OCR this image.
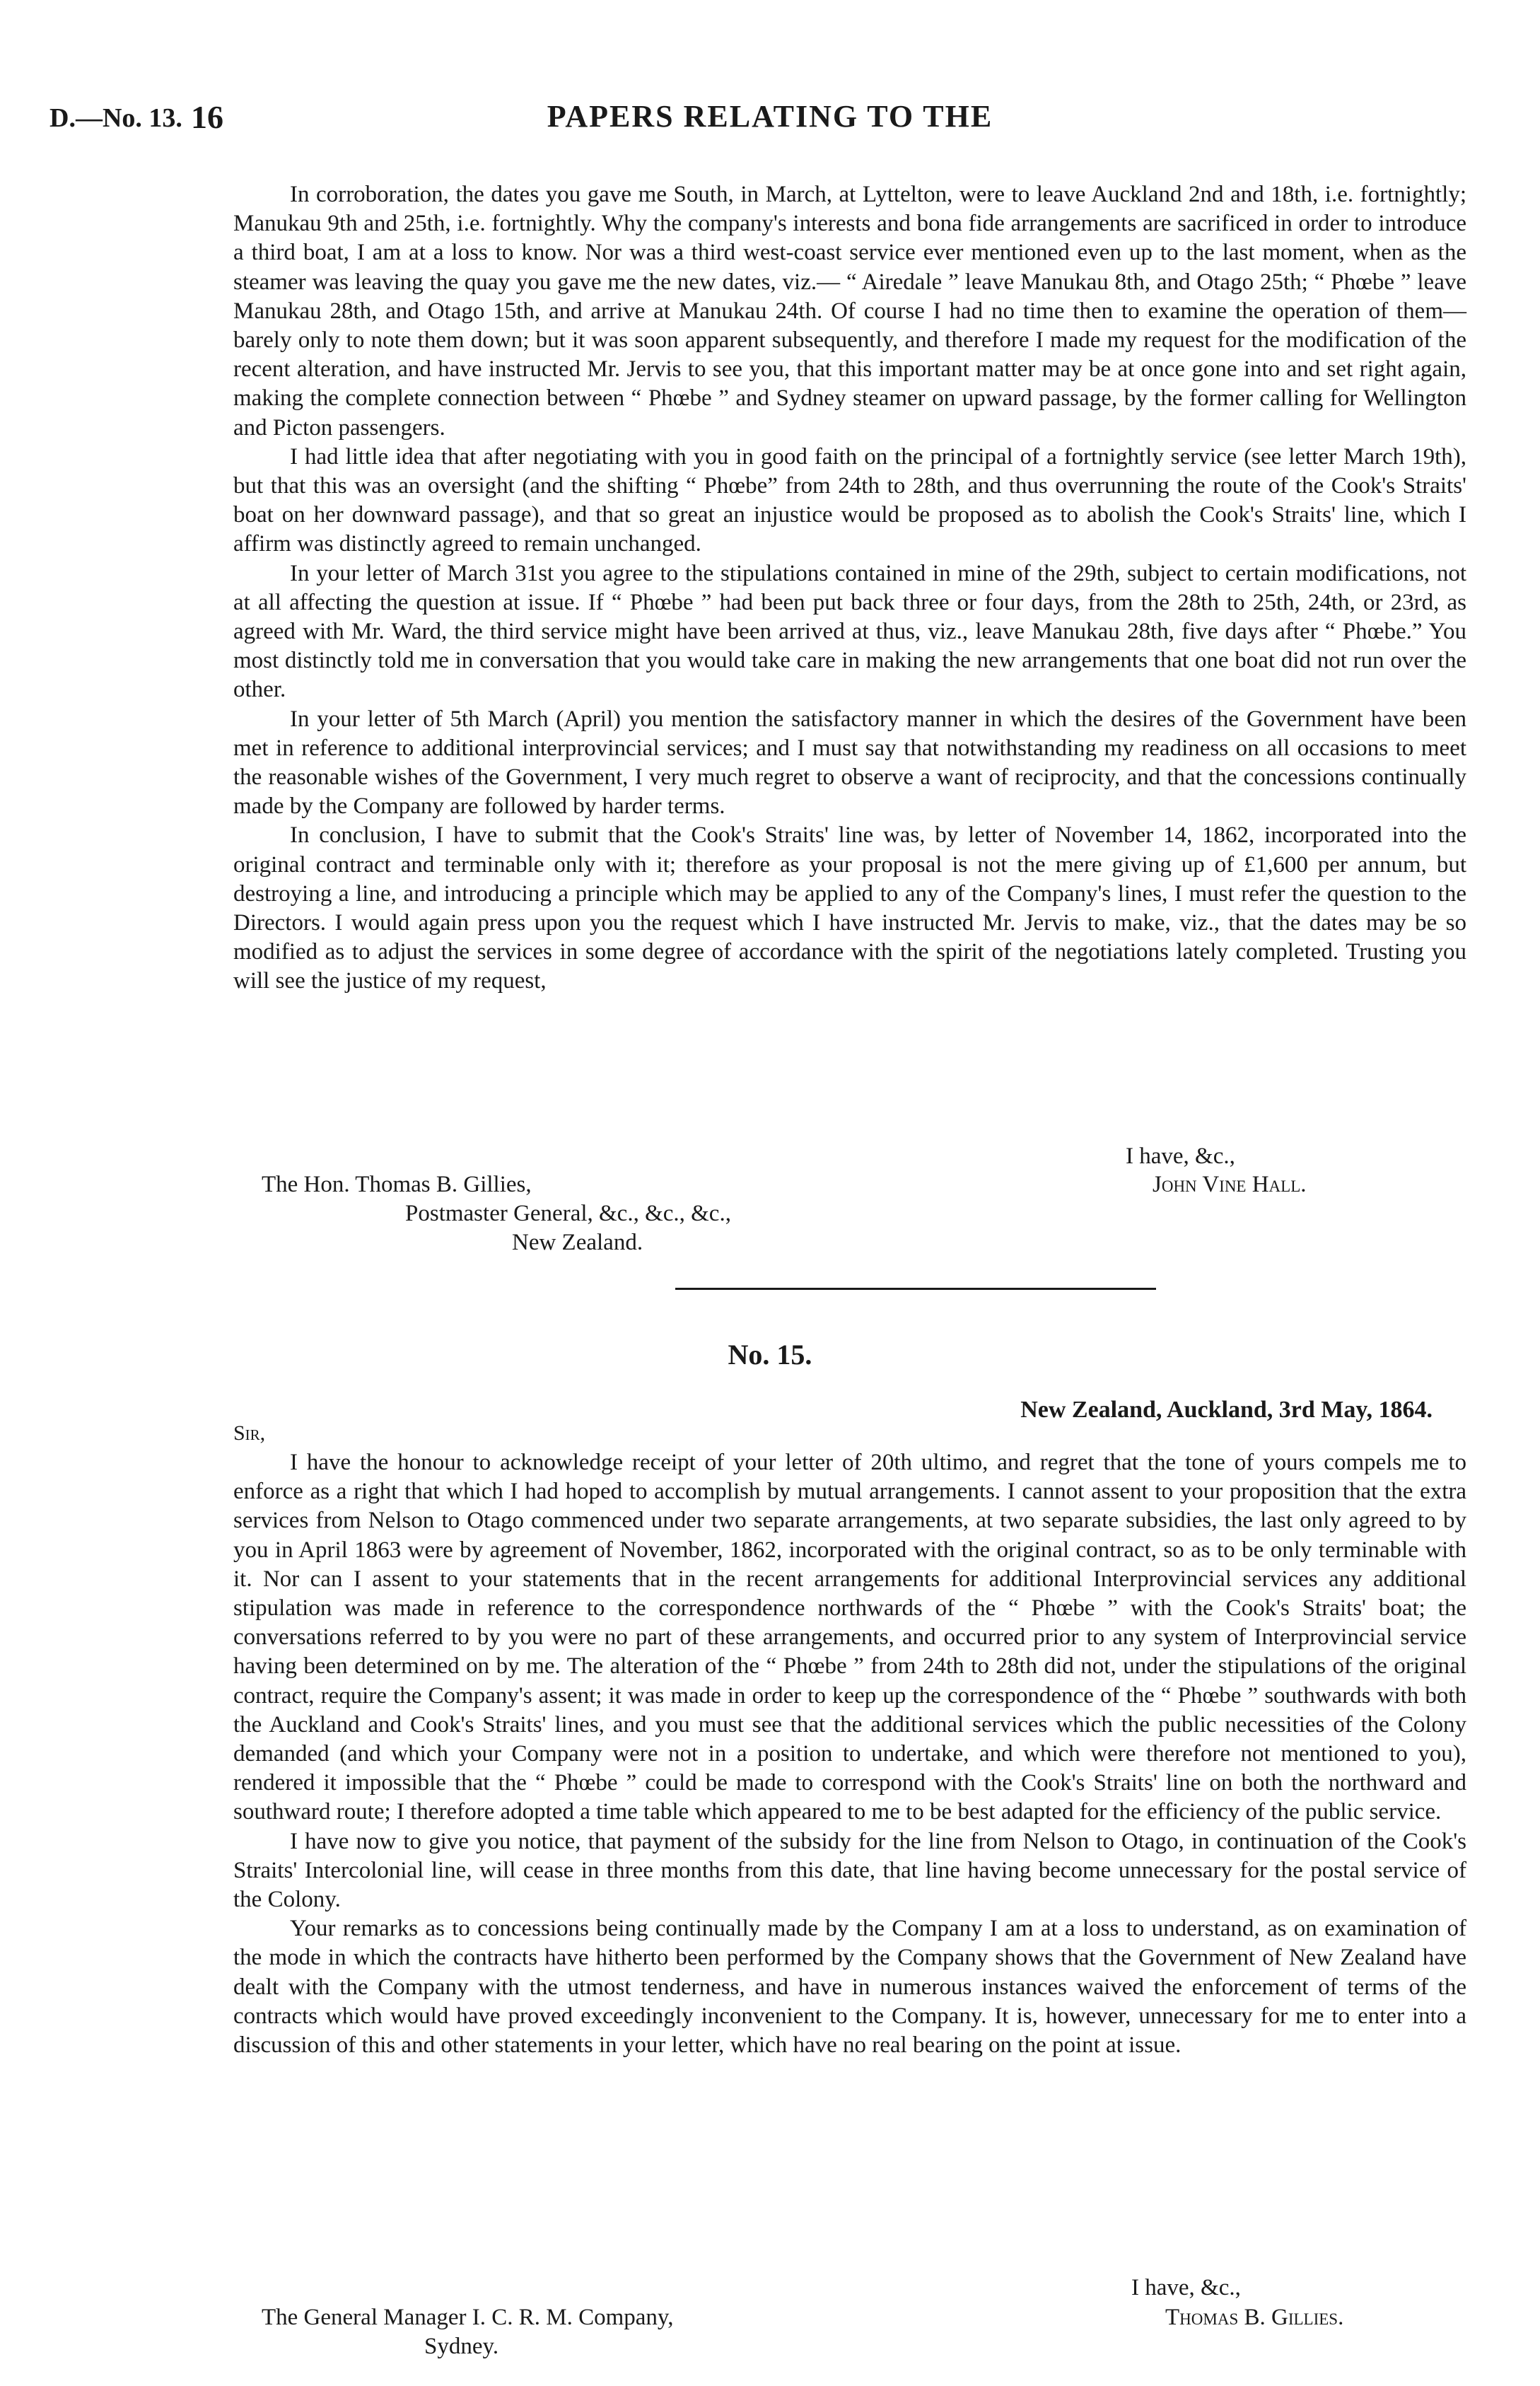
D.—No. 13. 16	PAPERS RELATING TO THE

In corroboration, the dates you gave me South, in March, at Lyttelton, were to leave Auckland 2nd and 18th, i.e. fortnightly; Manukau 9th and 25th, i.e. fortnightly. Why the company's interests and bona fide arrangements are sacrificed in order to introduce a third boat, I am at a loss to know. Nor was a third west-coast service ever mentioned even up to the last moment, when as the steamer was leaving the quay you gave me the new dates, viz.— “ Airedale ” leave Manukau 8th, and Otago 25th; “ Phœbe ” leave Manukau 28th, and Otago 15th, and arrive at Manukau 24th. Of course I had no time then to examine the operation of them—barely only to note them down; but it was soon apparent subsequently, and therefore I made my request for the modification of the recent alteration, and have instructed Mr. Jervis to see you, that this important matter may be at once gone into and set right again, making the complete connection between “ Phœbe ” and Sydney steamer on upward passage, by the former calling for Wellington and Picton passengers.

I had little idea that after negotiating with you in good faith on the principal of a fortnightly service (see letter March 19th), but that this was an oversight (and the shifting “ Phœbe” from 24th to 28th, and thus overrunning the route of the Cook's Straits' boat on her downward passage), and that so great an injustice would be proposed as to abolish the Cook's Straits' line, which I affirm was distinctly agreed to remain unchanged.

In your letter of March 31st you agree to the stipulations contained in mine of the 29th, subject to certain modifications, not at all affecting the question at issue. If “ Phœbe ” had been put back three or four days, from the 28th to 25th, 24th, or 23rd, as agreed with Mr. Ward, the third service might have been arrived at thus, viz., leave Manukau 28th, five days after “ Phœbe.” You most distinctly told me in conversation that you would take care in making the new arrangements that one boat did not run over the other.

In your letter of 5th March (April) you mention the satisfactory manner in which the desires of the Government have been met in reference to additional interprovincial services; and I must say that notwithstanding my readiness on all occasions to meet the reasonable wishes of the Government, I very much regret to observe a want of reciprocity, and that the concessions continually made by the Company are followed by harder terms.

In conclusion, I have to submit that the Cook's Straits' line was, by letter of November 14, 1862, incorporated into the original contract and terminable only with it; therefore as your proposal is not the mere giving up of £1,600 per annum, but destroying a line, and introducing a principle which may be applied to any of the Company's lines, I must refer the question to the Directors. I would again press upon you the request which I have instructed Mr. Jervis to make, viz., that the dates may be so modified as to adjust the services in some degree of accordance with the spirit of the negotiations lately completed. Trusting you will see the justice of my request,

I have, &c.,
John Vine Hall.
The Hon. Thomas B. Gillies,
Postmaster General, &c., &c., &c.,
New Zealand.
No. 15.
New Zealand, Auckland, 3rd May, 1864.
Sir,

I have the honour to acknowledge receipt of your letter of 20th ultimo, and regret that the tone of yours compels me to enforce as a right that which I had hoped to accomplish by mutual arrangements. I cannot assent to your proposition that the extra services from Nelson to Otago commenced under two separate arrangements, at two separate subsidies, the last only agreed to by you in April 1863 were by agreement of November, 1862, incorporated with the original contract, so as to be only terminable with it. Nor can I assent to your statements that in the recent arrangements for additional Interprovincial services any additional stipulation was made in reference to the correspondence northwards of the “ Phœbe ” with the Cook's Straits' boat; the conversations referred to by you were no part of these arrangements, and occurred prior to any system of Interprovincial service having been determined on by me. The alteration of the “ Phœbe ” from 24th to 28th did not, under the stipulations of the original contract, require the Company's assent; it was made in order to keep up the correspondence of the “ Phœbe ” southwards with both the Auckland and Cook's Straits' lines, and you must see that the additional services which the public necessities of the Colony demanded (and which your Company were not in a position to undertake, and which were therefore not mentioned to you), rendered it impossible that the “ Phœbe ” could be made to correspond with the Cook's Straits' line on both the northward and southward route; I therefore adopted a time table which appeared to me to be best adapted for the efficiency of the public service.

I have now to give you notice, that payment of the subsidy for the line from Nelson to Otago, in continuation of the Cook's Straits' Intercolonial line, will cease in three months from this date, that line having become unnecessary for the postal service of the Colony.

Your remarks as to concessions being continually made by the Company I am at a loss to understand, as on examination of the mode in which the contracts have hitherto been performed by the Company shows that the Government of New Zealand have dealt with the Company with the utmost tenderness, and have in numerous instances waived the enforcement of terms of the contracts which would have proved exceedingly inconvenient to the Company. It is, however, unnecessary for me to enter into a discussion of this and other statements in your letter, which have no real bearing on the point at issue.

I have, &c.,
Thomas B. Gillies.
The General Manager I. C. R. M. Company,
Sydney.
